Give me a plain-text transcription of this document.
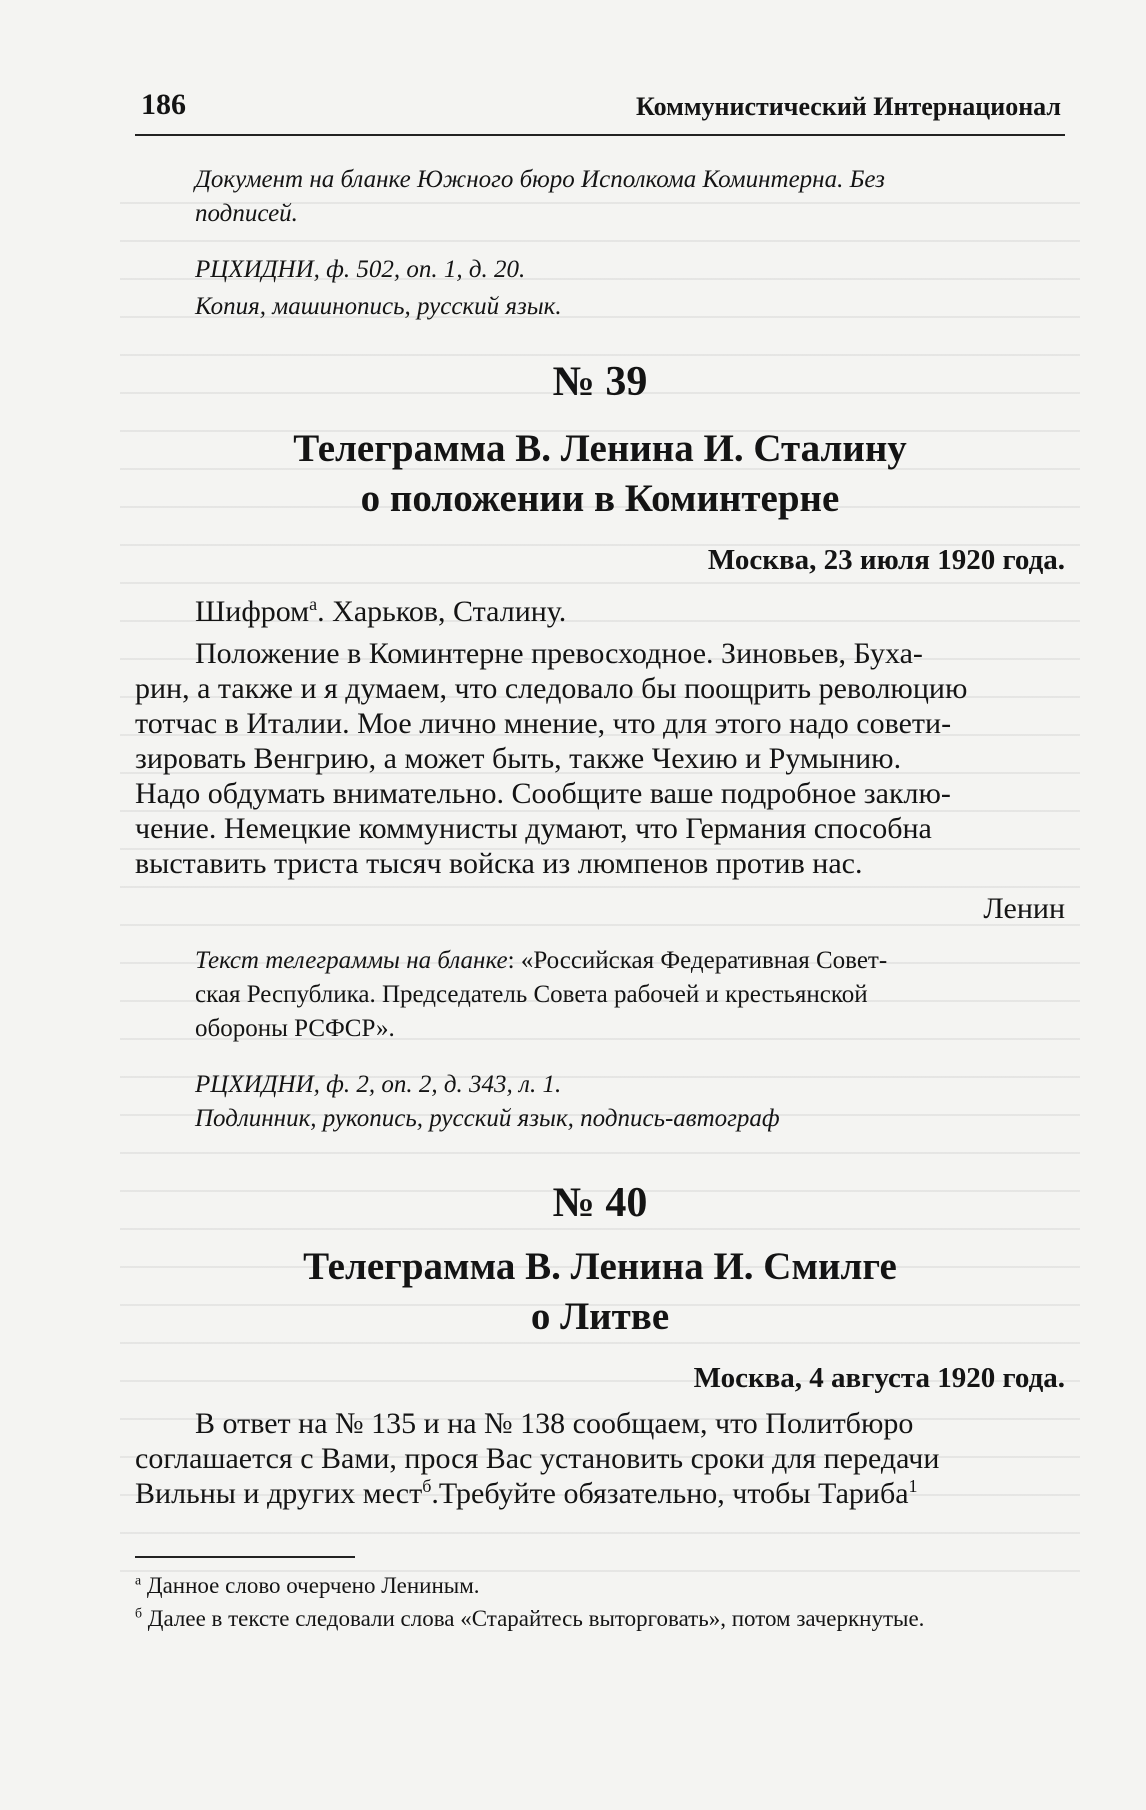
186	Коммунистический Интернационал
Документ на бланке Южного бюро Исполкома Коминтерна. Без
подписей.
РЦХИДНИ, ф. 502, оп. 1, д. 20.
Копия, машинопись, русский язык.
№ 39
Телеграмма В. Ленина И. Сталину
о положении в Коминтерне
Москва, 23 июля 1920 года.
Шифром$^а$. Харьков, Сталину.
Положение в Коминтерне превосходное. Зиновьев, Буха-
рин, а также и я думаем, что следовало бы поощрить революцию
тотчас в Италии. Мое лично мнение, что для этого надо совети-
зировать Венгрию, а может быть, также Чехию и Румынию.
Надо обдумать внимательно. Сообщите ваше подробное заклю-
чение. Немецкие коммунисты думают, что Германия способна
выставить триста тысяч войска из люмпенов против нас.
Ленин
Текст телеграммы на бланке: «Российская Федеративная Совет-
ская Республика. Председатель Совета рабочей и крестьянской
обороны РСФСР».
РЦХИДНИ, ф. 2, оп. 2, д. 343, л. 1.
Подлинник, рукопись, русский язык, подпись-автограф
№ 40
Телеграмма В. Ленина И. Смилге
о Литве
Москва, 4 августа 1920 года.
В ответ на № 135 и на № 138 сообщаем, что Политбюро
соглашается с Вами, прося Вас установить сроки для передачи
Вильны и других мест$^б$.Требуйте обязательно, чтобы Тариба$^1$
$^а$ Данное слово очерчено Лениным.
$^б$ Далее в тексте следовали слова «Старайтесь выторговать», потом зачеркнутые.
